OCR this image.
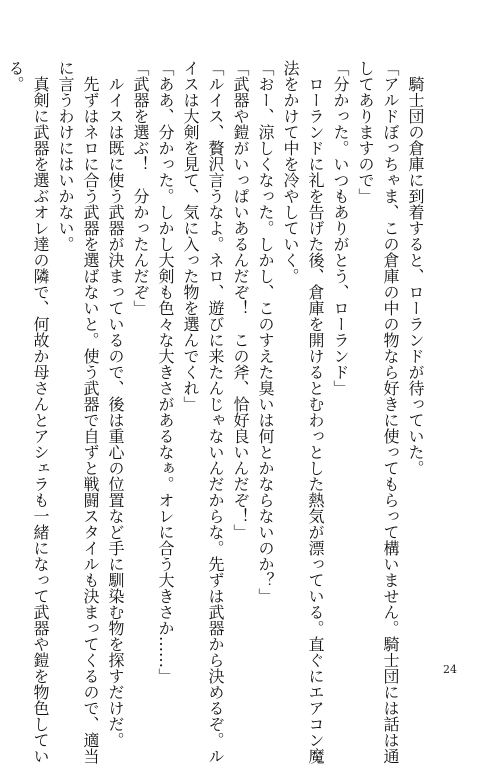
　騎士団の倉庫に到着すると、ローランドが待っていた。

「アルドぼっちゃま、この倉庫の中の物なら好きに使ってもらって構いません。騎士団には話は通

してありますので」

「分かった。いつもありがとう、ローランド」

　ローランドに礼を告げた後、倉庫を開けるとむわっとした熱気が漂っている。直ぐにエアコン魔

法をかけて中を冷やしていく。

「おー、涼しくなった。しかし、このすえた臭いは何とかならないのか？」

「武器や鎧がいっぱいあるんだぞ！　この斧、恰好良いんだぞ！」

「ルイス、贅沢言うなよ。ネロ、遊びに来たんじゃないんだからな。先ずは武器から決めるぞ。ル

イスは大剣を見て、気に入った物を選んでくれ」

「ああ、分かった。しかし大剣も色々な大きさがあるなぁ。オレに合う大きさか……」

「武器を選ぶ！　分かったんだぞ」

　ルイスは既に使う武器が決まっているので、後は重心の位置など手に馴染む物を探すだけだ。

　先ずはネロに合う武器を選ばないと。使う武器で自ずと戦闘スタイルも決まってくるので、適当

に言うわけにはいかない。

　真剣に武器を選ぶオレ達の隣で、何故か母さんとアシェラも一緒になって武器や鎧を物色してい

る。

24
